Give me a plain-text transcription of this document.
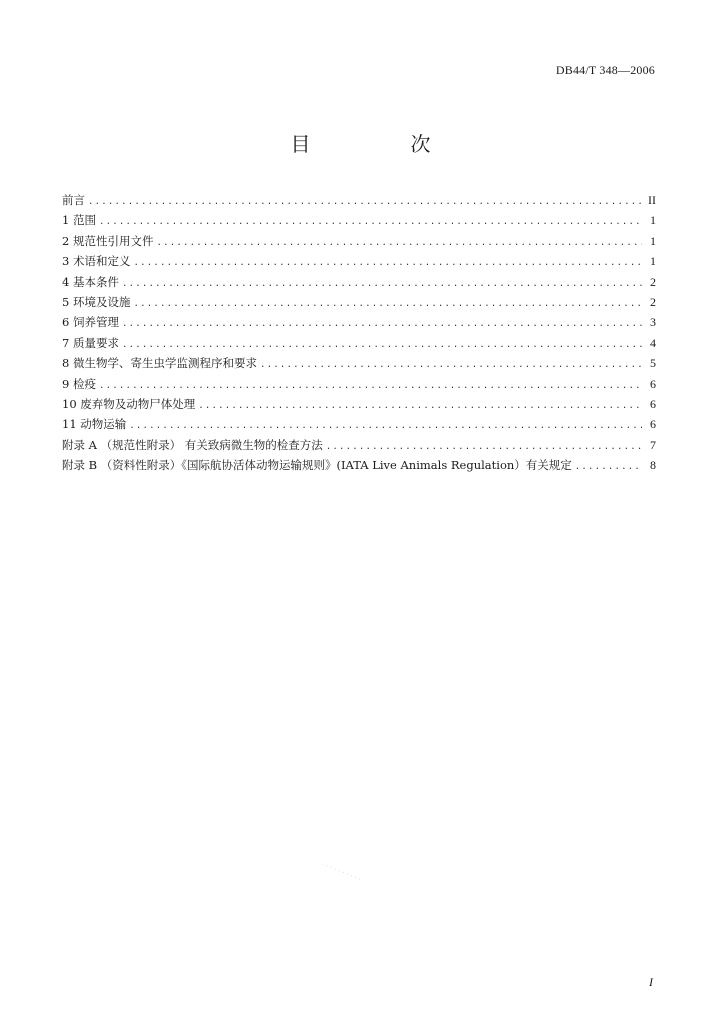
DB44/T 348—2006
目　次
前言 .....	II
1 范围 .....	1
2 规范性引用文件 .....	1
3 术语和定义 .....	1
4 基本条件 .....	2
5 环境及设施 .....	2
6 饲养管理 .....	3
7 质量要求 .....	4
8 微生物学、寄生虫学监测程序和要求 .....	5
9 检疫 .....	6
10 废弃物及动物尸体处理 .....	6
11 动物运输 .....	6
附录 A （规范性附录） 有关致病微生物的检查方法 .....	7
附录 B （资料性附录）《国际航协活体动物运输规则》(IATA Live Animals Regulation）有关规定 .....	8
· · · · · · · · · ·
I
